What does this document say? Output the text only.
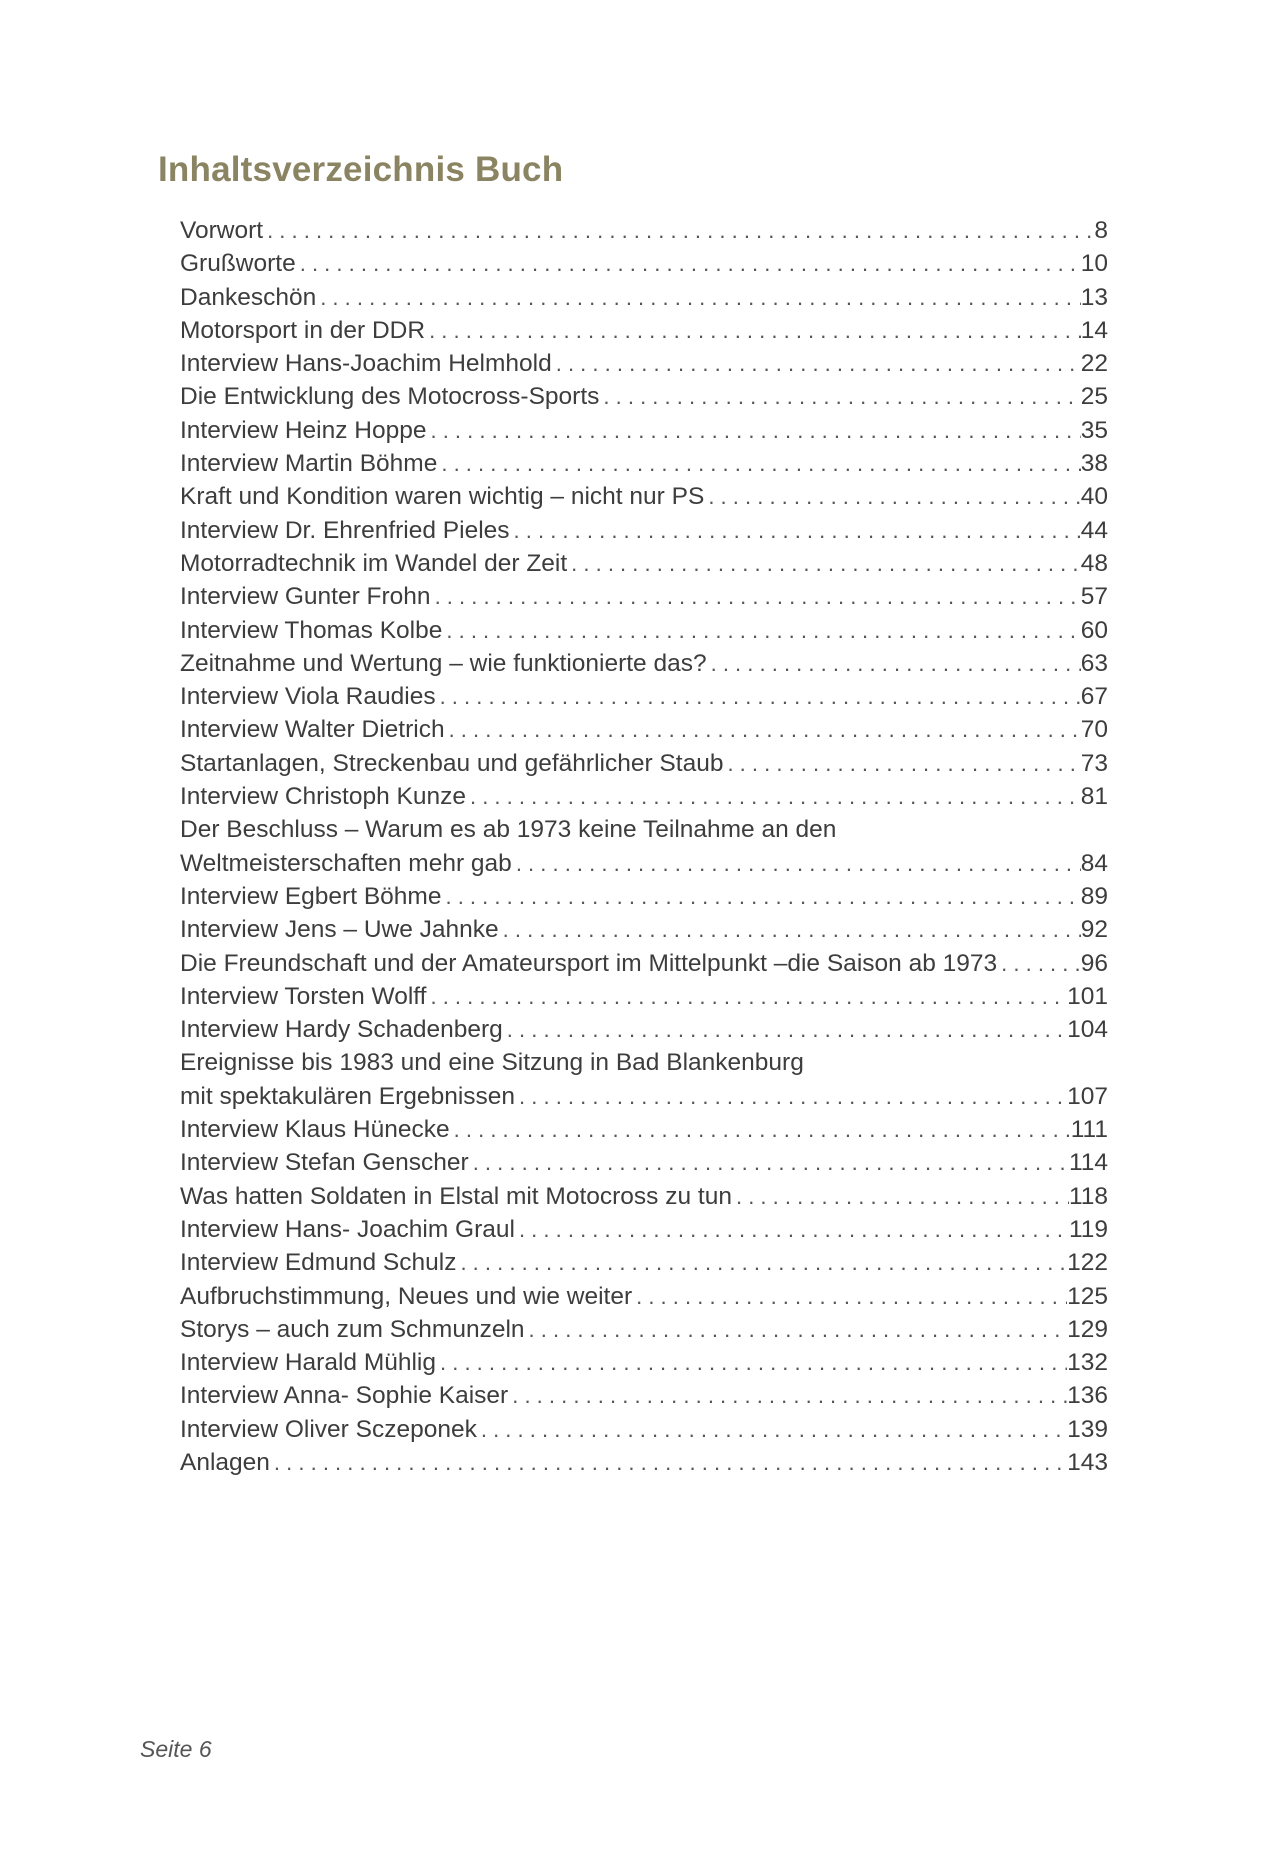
Inhaltsverzeichnis Buch
Vorwort . . .	8
Grußworte . . .	10
Dankeschön . . .	13
Motorsport in der DDR . . .	14
Interview Hans-Joachim Helmhold . . .	22
Die Entwicklung des Motocross-Sports . . .	25
Interview Heinz Hoppe . . .	35
Interview Martin Böhme . . .	38
Kraft und Kondition waren wichtig – nicht nur PS . . .	40
Interview Dr. Ehrenfried Pieles . . .	44
Motorradtechnik im Wandel der Zeit . . .	48
Interview Gunter Frohn . . .	57
Interview Thomas Kolbe . . .	60
Zeitnahme und Wertung – wie funktionierte das? . . .	63
Interview Viola Raudies . . .	67
Interview Walter Dietrich . . .	70
Startanlagen, Streckenbau und gefährlicher Staub . . .	73
Interview Christoph Kunze . . .	81
Der Beschluss – Warum es ab 1973 keine Teilnahme an den
Weltmeisterschaften mehr gab . . .	84
Interview Egbert Böhme . . .	89
Interview Jens – Uwe Jahnke . . .	92
Die Freundschaft und der Amateursport im Mittelpunkt –die Saison ab 1973 . . .	96
Interview Torsten Wolff . . .	101
Interview Hardy Schadenberg . . .	104
Ereignisse bis 1983 und eine Sitzung in Bad Blankenburg
mit spektakulären Ergebnissen . . .	107
Interview Klaus Hünecke . . .	111
Interview Stefan Genscher . . .	114
Was hatten Soldaten in Elstal mit Motocross zu tun . . .	118
Interview Hans- Joachim Graul . . .	119
Interview Edmund Schulz . . .	122
Aufbruchstimmung, Neues und wie weiter . . .	125
Storys – auch zum Schmunzeln . . .	129
Interview Harald Mühlig . . .	132
Interview Anna- Sophie Kaiser . . .	136
Interview Oliver Sczeponek . . .	139
Anlagen . . .	143
Seite 6
